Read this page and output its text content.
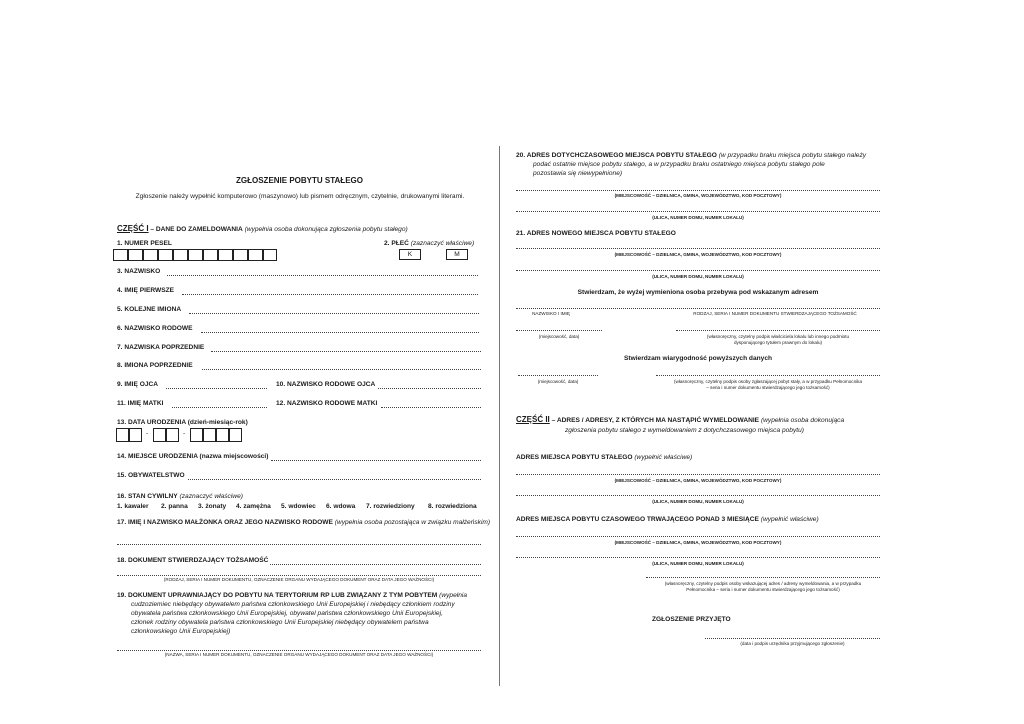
ZGŁOSZENIE POBYTU STAŁEGO
Zgłoszenie należy wypełnić komputerowo (maszynowo) lub pismem odręcznym, czytelnie, drukowanymi literami.
CZĘŚĆ I – DANE DO ZAMELDOWANIA (wypełnia osoba dokonująca zgłoszenia pobytu stałego)
1. NUMER PESEL	2. PŁEĆ (zaznaczyć właściwe)
K	M
3. NAZWISKO
4. IMIĘ PIERWSZE
5. KOLEJNE IMIONA
6. NAZWISKO RODOWE
7. NAZWISKA POPRZEDNIE
8. IMIONA POPRZEDNIE
9. IMIĘ OJCA	10. NAZWISKO RODOWE OJCA
11. IMIĘ MATKI	12. NAZWISKO RODOWE MATKI
13. DATA URODZENIA (dzień-miesiąc-rok)
-	-
14. MIEJSCE URODZENIA (nazwa miejscowości)
15. OBYWATELSTWO
16. STAN CYWILNY (zaznaczyć właściwe)
1. kawaler 2. panna 3. żonaty 4. zamężna 5. wdowiec 6. wdowa 7. rozwiedziony 8. rozwiedziona
17. IMIĘ I NAZWISKO MAŁŻONKA ORAZ JEGO NAZWISKO RODOWE (wypełnia osoba pozostająca w związku małżeńskim)
18. DOKUMENT STWIERDZAJĄCY TOŻSAMOŚĆ
(RODZAJ, SERIA I NUMER DOKUMENTU, OZNACZENIE ORGANU WYDAJĄCEGO DOKUMENT ORAZ DATA JEGO WAŻNOŚCI)
19. DOKUMENT UPRAWNIAJĄCY DO POBYTU NA TERYTORIUM RP LUB ZWIĄZANY Z TYM POBYTEM (wypełnia
cudzoziemiec niebędący obywatelem państwa członkowskiego Unii Europejskiej i niebędący członkiem rodziny
obywatela państwa członkowskiego Unii Europejskiej, obywatel państwa członkowskiego Unii Europejskiej,
członek rodziny obywatela państwa członkowskiego Unii Europejskiej niebędący obywatelem państwa
członkowskiego Unii Europejskiej)
(NAZWA, SERIA I NUMER DOKUMENTU, OZNACZENIE ORGANU WYDAJĄCEGO DOKUMENT ORAZ DATA JEGO WAŻNOŚCI)
20. ADRES DOTYCHCZASOWEGO MIEJSCA POBYTU STAŁEGO (w przypadku braku miejsca pobytu stałego należy
podać ostatnie miejsce pobytu stałego, a w przypadku braku ostatniego miejsca pobytu stałego pole
pozostawia się niewypełnione)
(MIEJSCOWOŚĆ – DZIELNICA, GMINA, WOJEWÓDZTWO, KOD POCZTOWY)
(ULICA, NUMER DOMU, NUMER LOKALU)
21. ADRES NOWEGO MIEJSCA POBYTU STAŁEGO
(MIEJSCOWOŚĆ – DZIELNICA, GMINA, WOJEWÓDZTWO, KOD POCZTOWY)
(ULICA, NUMER DOMU, NUMER LOKALU)
Stwierdzam, że wyżej wymieniona osoba przebywa pod wskazanym adresem
NAZWISKO I IMIĘ	RODZAJ, SERIA I NUMER DOKUMENTU STWIERDZAJĄCEGO TOŻSAMOŚĆ
(miejscowość, data)	(własnoręczny, czytelny podpis właściciela lokalu lub innego podmiotu
dysponującego tytułem prawnym do lokalu)
Stwierdzam wiarygodność powyższych danych
(miejscowość, data)	(własnoręczny, czytelny podpis osoby zgłaszającej pobyt stały, a w przypadku Pełnomocnika
– seria i numer dokumentu stwierdzającego jego tożsamość)
CZĘŚĆ II – ADRES / ADRESY, Z KTÓRYCH MA NASTĄPIĆ WYMELDOWANIE (wypełnia osoba dokonująca
zgłoszenia pobytu stałego z wymeldowaniem z dotychczasowego miejsca pobytu)
ADRES MIEJSCA POBYTU STAŁEGO (wypełnić właściwe)
(MIEJSCOWOŚĆ – DZIELNICA, GMINA, WOJEWÓDZTWO, KOD POCZTOWY)
(ULICA, NUMER DOMU, NUMER LOKALU)
ADRES MIEJSCA POBYTU CZASOWEGO TRWAJĄCEGO PONAD 3 MIESIĄCE (wypełnić właściwe)
(MIEJSCOWOŚĆ – DZIELNICA, GMINA, WOJEWÓDZTWO, KOD POCZTOWY)
(ULICA, NUMER DOMU, NUMER LOKALU)
(własnoręczny, czytelny podpis osoby wskazującej adres / adresy wymeldowania, a w przypadku
Pełnomocnika – seria i numer dokumentu stwierdzającego jego tożsamość)
ZGŁOSZENIE PRZYJĘTO
(data i podpis urzędnika przyjmującego zgłoszenie)
